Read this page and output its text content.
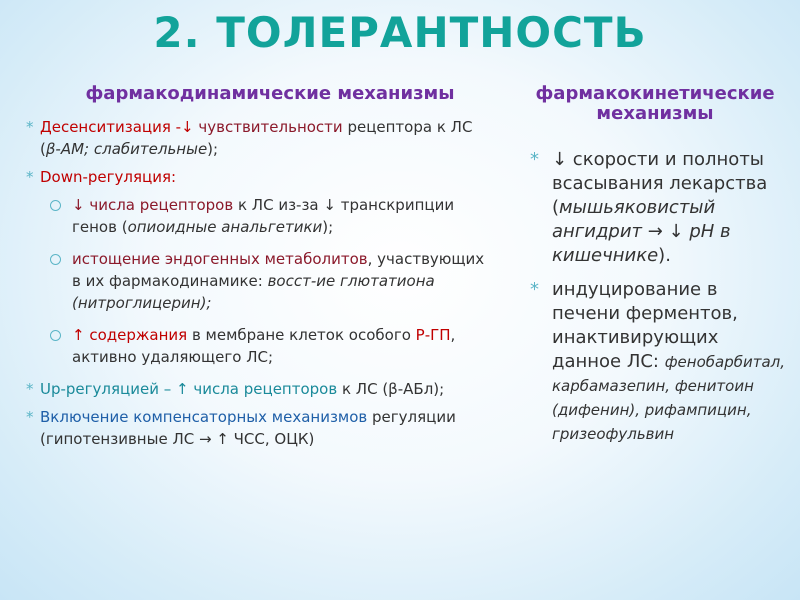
2. ТОЛЕРАНТНОСТЬ
фармакодинамические механизмы	фармакокинетические механизмы
* Десенситизация -↓ чувствительности рецептора к ЛС (β-АМ; слабительные);
* Down-регуляция:
↓ числа рецепторов к ЛС из-за ↓ транскрипции генов (опиоидные анальгетики);
истощение эндогенных метаболитов, участвующих в их фармакодинамике: восст-ие глютатиона (нитроглицерин);
↑ содержания в мембране клеток особого Р-ГП, активно удаляющего ЛС;
* Up-регуляцией – ↑ числа рецепторов к ЛС (β-АБл);
* Включение компенсаторных механизмов регуляции (гипотензивные ЛС → ↑ ЧСС, ОЦК)
* ↓ скорости и полноты всасывания лекарства (мышьяковистый ангидрит → ↓ рН в кишечнике).
* индуцирование в печени ферментов, инактивирующих данное ЛС: фенобарбитал, карбамазепин, фенитоин (дифенин), рифампицин, гризеофульвин
